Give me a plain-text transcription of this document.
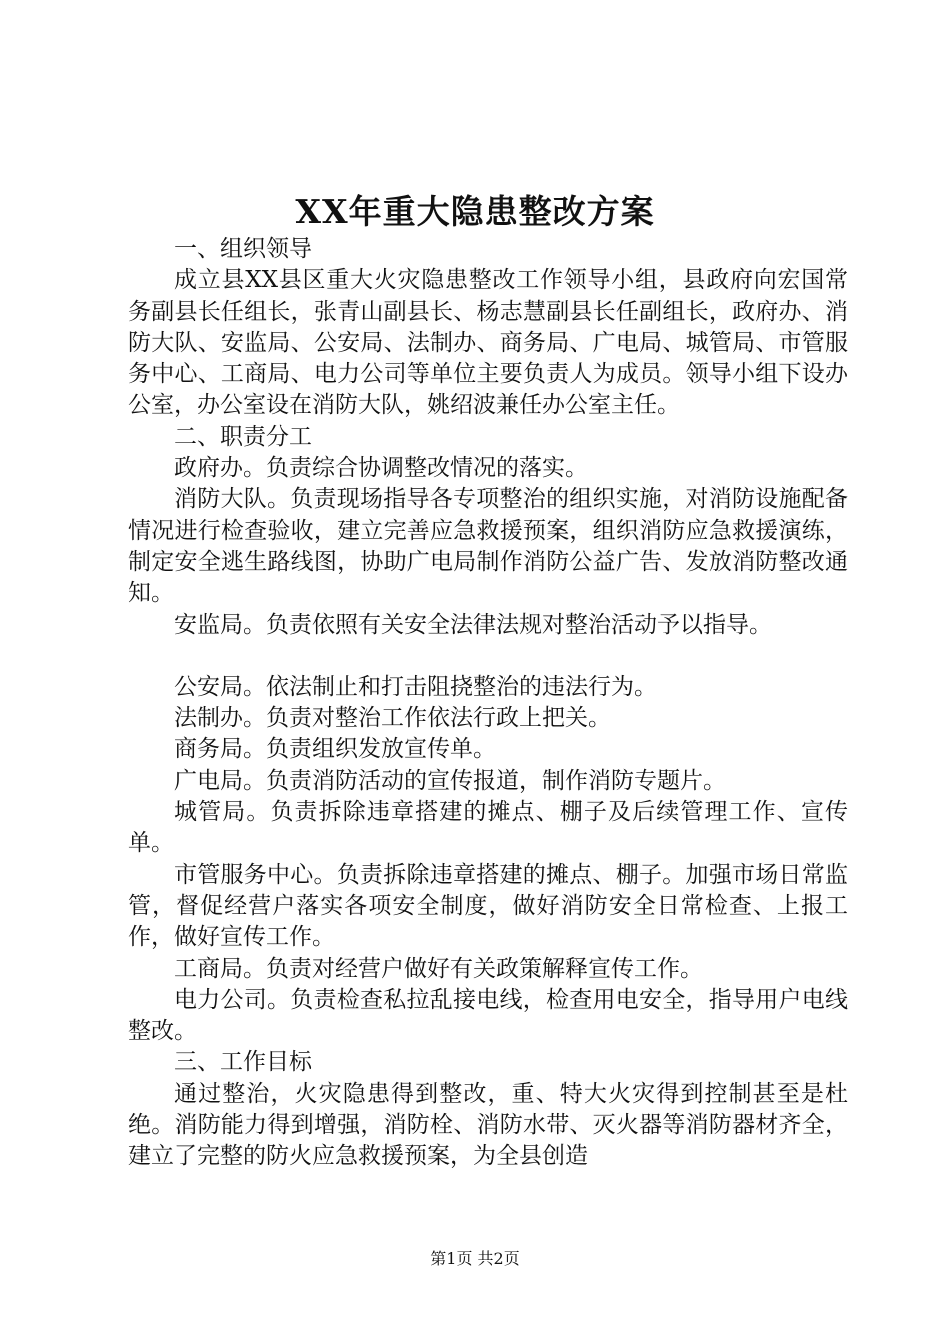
XX年重大隐患整改方案

一、组织领导

成立县XX县区重大火灾隐患整改工作领导小组，县政府向宏国常务副县长任组长，张青山副县长、杨志慧副县长任副组长，政府办、消防大队、安监局、公安局、法制办、商务局、广电局、城管局、市管服务中心、工商局、电力公司等单位主要负责人为成员。领导小组下设办公室，办公室设在消防大队，姚绍波兼任办公室主任。

二、职责分工

政府办。负责综合协调整改情况的落实。

消防大队。负责现场指导各专项整治的组织实施，对消防设施配备情况进行检查验收，建立完善应急救援预案，组织消防应急救援演练，制定安全逃生路线图，协助广电局制作消防公益广告、发放消防整改通知。

安监局。负责依照有关安全法律法规对整治活动予以指导。

公安局。依法制止和打击阻挠整治的违法行为。

法制办。负责对整治工作依法行政上把关。

商务局。负责组织发放宣传单。

广电局。负责消防活动的宣传报道，制作消防专题片。

城管局。负责拆除违章搭建的摊点、棚子及后续管理工作、宣传单。

市管服务中心。负责拆除违章搭建的摊点、棚子。加强市场日常监管，督促经营户落实各项安全制度，做好消防安全日常检查、上报工作，做好宣传工作。

工商局。负责对经营户做好有关政策解释宣传工作。

电力公司。负责检查私拉乱接电线，检查用电安全，指导用户电线整改。

三、工作目标

通过整治，火灾隐患得到整改，重、特大火灾得到控制甚至是杜绝。消防能力得到增强，消防栓、消防水带、灭火器等消防器材齐全，建立了完整的防火应急救援预案，为全县创造

第1页 共2页
